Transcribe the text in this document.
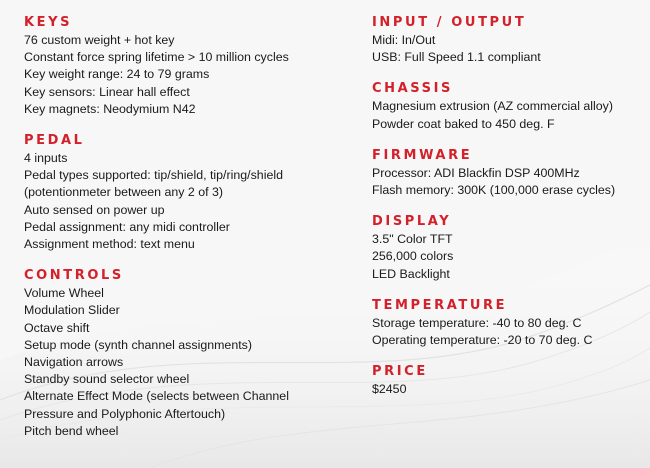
KEYS
76 custom weight + hot key
Constant force spring lifetime > 10 million cycles
Key weight range: 24 to 79 grams
Key sensors: Linear hall effect
Key magnets: Neodymium N42
PEDAL
4 inputs
Pedal types supported: tip/shield, tip/ring/shield
(potentionmeter between any 2 of 3)
Auto sensed on power up
Pedal assignment: any midi controller
Assignment method: text menu
CONTROLS
Volume Wheel
Modulation Slider
Octave shift
Setup mode (synth channel assignments)
Navigation arrows
Standby sound selector wheel
Alternate Effect Mode (selects between Channel
Pressure and Polyphonic Aftertouch)
Pitch bend wheel
INPUT / OUTPUT
Midi: In/Out
USB: Full Speed 1.1 compliant
CHASSIS
Magnesium extrusion (AZ commercial alloy)
Powder coat baked to 450 deg. F
FIRMWARE
Processor: ADI Blackfin DSP 400MHz
Flash memory: 300K (100,000 erase cycles)
DISPLAY
3.5" Color TFT
256,000 colors
LED Backlight
TEMPERATURE
Storage temperature: -40 to 80 deg. C
Operating temperature: -20 to 70 deg. C
PRICE
$2450
